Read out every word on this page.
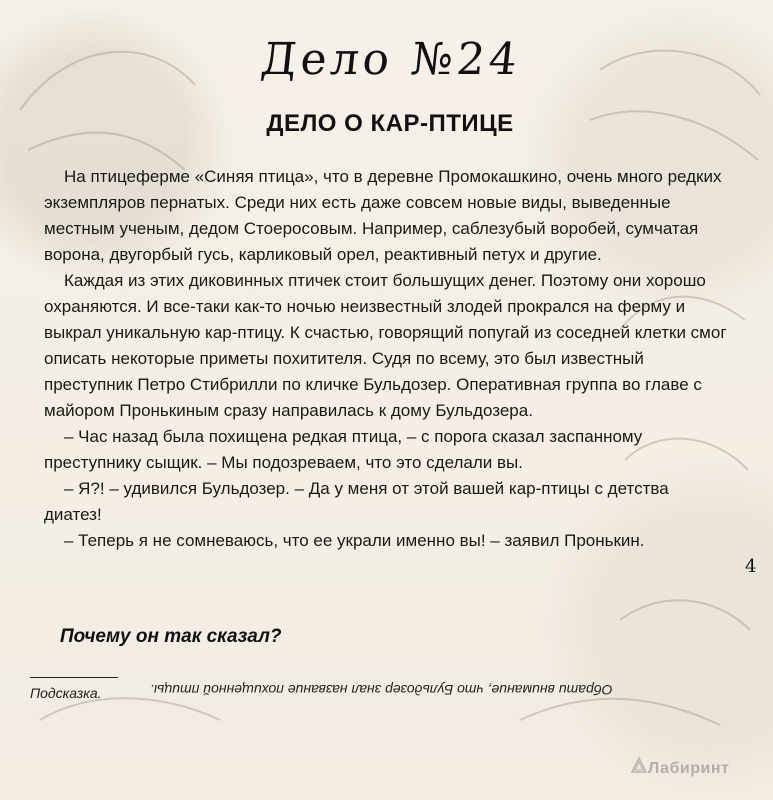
Дело №24
ДЕЛО О КАР-ПТИЦЕ

На птицеферме «Синяя птица», что в деревне Промокашкино, очень много редких экземпляров пернатых. Среди них есть даже совсем новые виды, выведенные местным ученым, дедом Стоеросовым. Например, саблезубый воробей, сумчатая ворона, двугорбый гусь, карликовый орел, реактивный петух и другие.

Каждая из этих диковинных птичек стоит большущих денег. Поэтому они хорошо охраняются. И все-таки как-то ночью неизвестный злодей прокрался на ферму и выкрал уникальную кар-птицу. К счастью, говорящий попугай из соседней клетки смог описать некоторые приметы похитителя. Судя по всему, это был известный преступник Петро Стибрилли по кличке Бульдозер. Оперативная группа во главе с майором Пронькиным сразу направилась к дому Бульдозера.

– Час назад была похищена редкая птица, – с порога сказал заспанному преступнику сыщик. – Мы подозреваем, что это сделали вы.

– Я?! – удивился Бульдозер. – Да у меня от этой вашей кар-птицы с детства диатез!

– Теперь я не сомневаюсь, что ее украли именно вы! – заявил Пронькин.

Почему он так сказал?
Подсказка.	Обрати внимание, что Бульдозер знал название похищенной птицы.
4
Лабиринт
